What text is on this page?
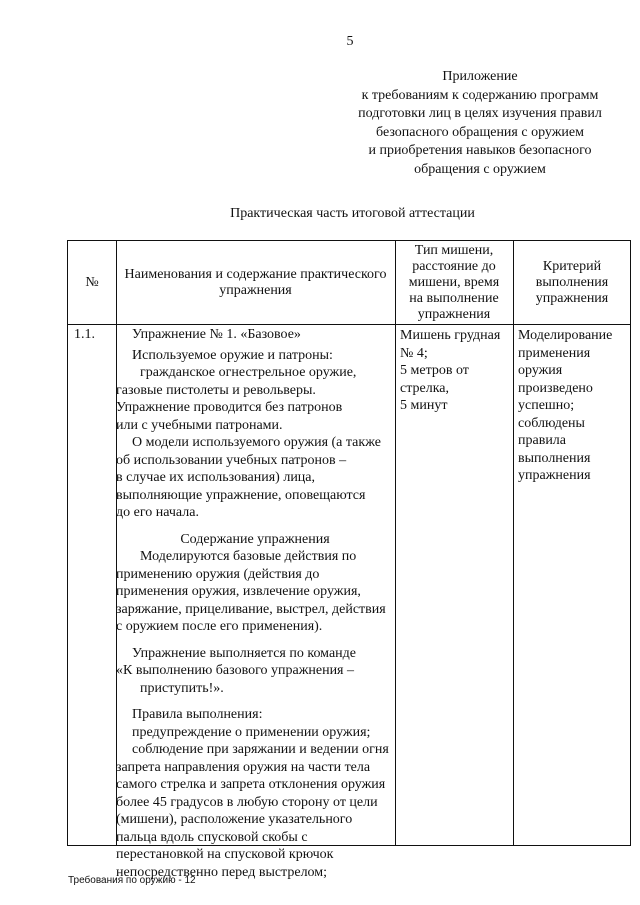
5
Приложение
к требованиям к содержанию программ
подготовки лиц в целях изучения правил
безопасного обращения с оружием
и приобретения навыков безопасного
обращения с оружием
Практическая часть итоговой аттестации
№
Наименования и содержание практического
упражнения
Тип мишени,
расстояние до
мишени, время
на выполнение
упражнения
Критерий
выполнения
упражнения
1.1.	Упражнение № 1. «Базовое»
Используемое оружие и патроны:
гражданское огнестрельное оружие,
газовые пистолеты и револьверы.
Упражнение проводится без патронов
или с учебными патронами.
О модели используемого оружия (а также
об использовании учебных патронов –
в случае их использования) лица,
выполняющие упражнение, оповещаются
до его начала.
Содержание упражнения
Моделируются базовые действия по
применению оружия (действия до
применения оружия, извлечение оружия,
заряжание, прицеливание, выстрел, действия
с оружием после его применения).
Упражнение выполняется по команде
«К выполнению базового упражнения –
приступить!».
Правила выполнения:
предупреждение о применении оружия;
соблюдение при заряжании и ведении огня
запрета направления оружия на части тела
самого стрелка и запрета отклонения оружия
более 45 градусов в любую сторону от цели
(мишени), расположение указательного
пальца вдоль спусковой скобы с
перестановкой на спусковой крючок
непосредственно перед выстрелом;
Мишень грудная
№ 4;
5 метров от
стрелка,
5 минут
Моделирование
применения
оружия
произведено
успешно;
соблюдены
правила
выполнения
упражнения
Требования по оружию - 12
